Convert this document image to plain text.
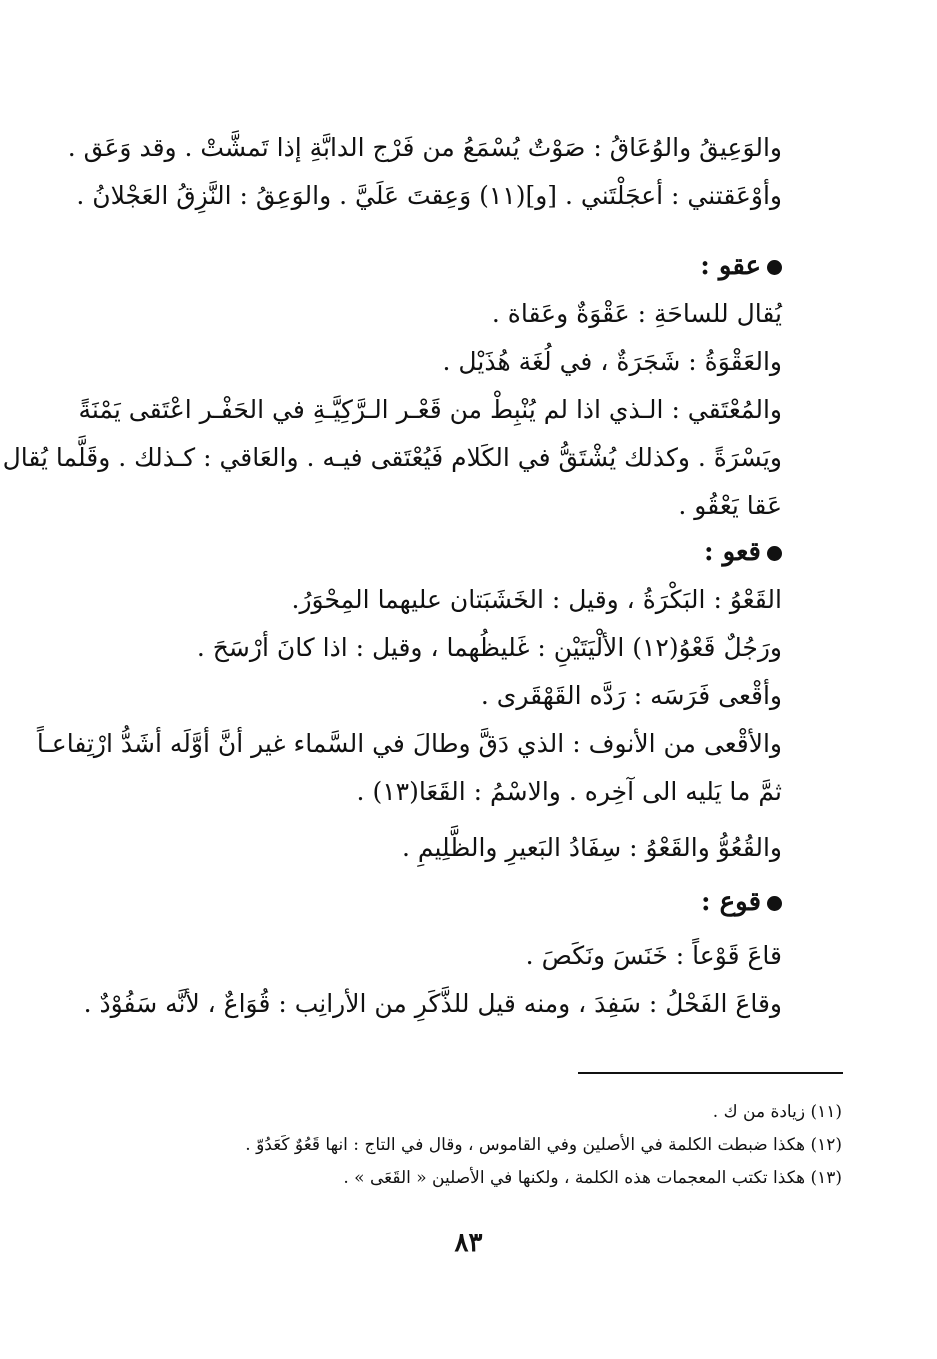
والوَعِيقُ والوُعَاقُ : صَوْتٌ يُسْمَعُ من فَرْج الدابَّةِ إذا تَمشَّتْ . وقد وَعَق .
وأوْعَقتني : أعجَلْتَني . [و](١١) وَعِقتَ عَلَيَّ . والوَعِقُ : النَّزِقُ العَجْلانُ .
عقو :
يُقال للساحَةِ : عَقْوَةٌ وعَقاة .
والعَقْوَةُ : شَجَرَةٌ ، في لُغَة هُذَيْل .
والمُعْتَقي : الـذي اذا لم يُنْبِطْ من قَعْـر الـرَّكِيَّـةِ في الحَفْـر اعْتَقى يَمْنَةً
ويَسْرَةً . وكذلك يُشْتَقُّ في الكَلام فَيُعْتَقى فيـه . والعَاقي : كـذلك . وقَلَّما يُقال
عَقا يَعْقُو .
قعو :
القَعْوُ : البَكْرَةُ ، وقيل : الخَشَبَتان عليهما المِحْوَرُ.
ورَجُلٌ قَعْوُ(١٢) الألْيَتَيْنِ : غَليظُهما ، وقيل : اذا كانَ أرْسَحَ .
وأقْعى فَرَسَه : رَدَّه القَهْقَرى .
والأقْعى من الأنوف : الذي دَقَّ وطالَ في السَّماء غير أنَّ أوَّلَه أشَدُّ ارْتِفاعـاً
ثمَّ ما يَليه الى آخِره . والاسْمُ : القَعَا(١٣) .
والقُعُوُّ والقَعْوُ : سِفَادُ البَعيرِ والظَّلِيمِ .
قوع :
قاعَ قَوْعاً : خَنَسَ ونَكَصَ .
وقاعَ الفَحْلُ : سَفِدَ ، ومنه قيل للذَّكَرِ من الأرانِب : قُوَاعٌ ، لأنَّه سَفُوْدٌ .
(١١) زيادة من ك .
(١٢) هكذا ضبطت الكلمة في الأصلين وفي القاموس ، وقال في التاج : انها قَعُوٌ كَعَدُوّ .
(١٣) هكذا تكتب المعجمات هذه الكلمة ، ولكنها في الأصلين « القَعَى » .
٨٣
